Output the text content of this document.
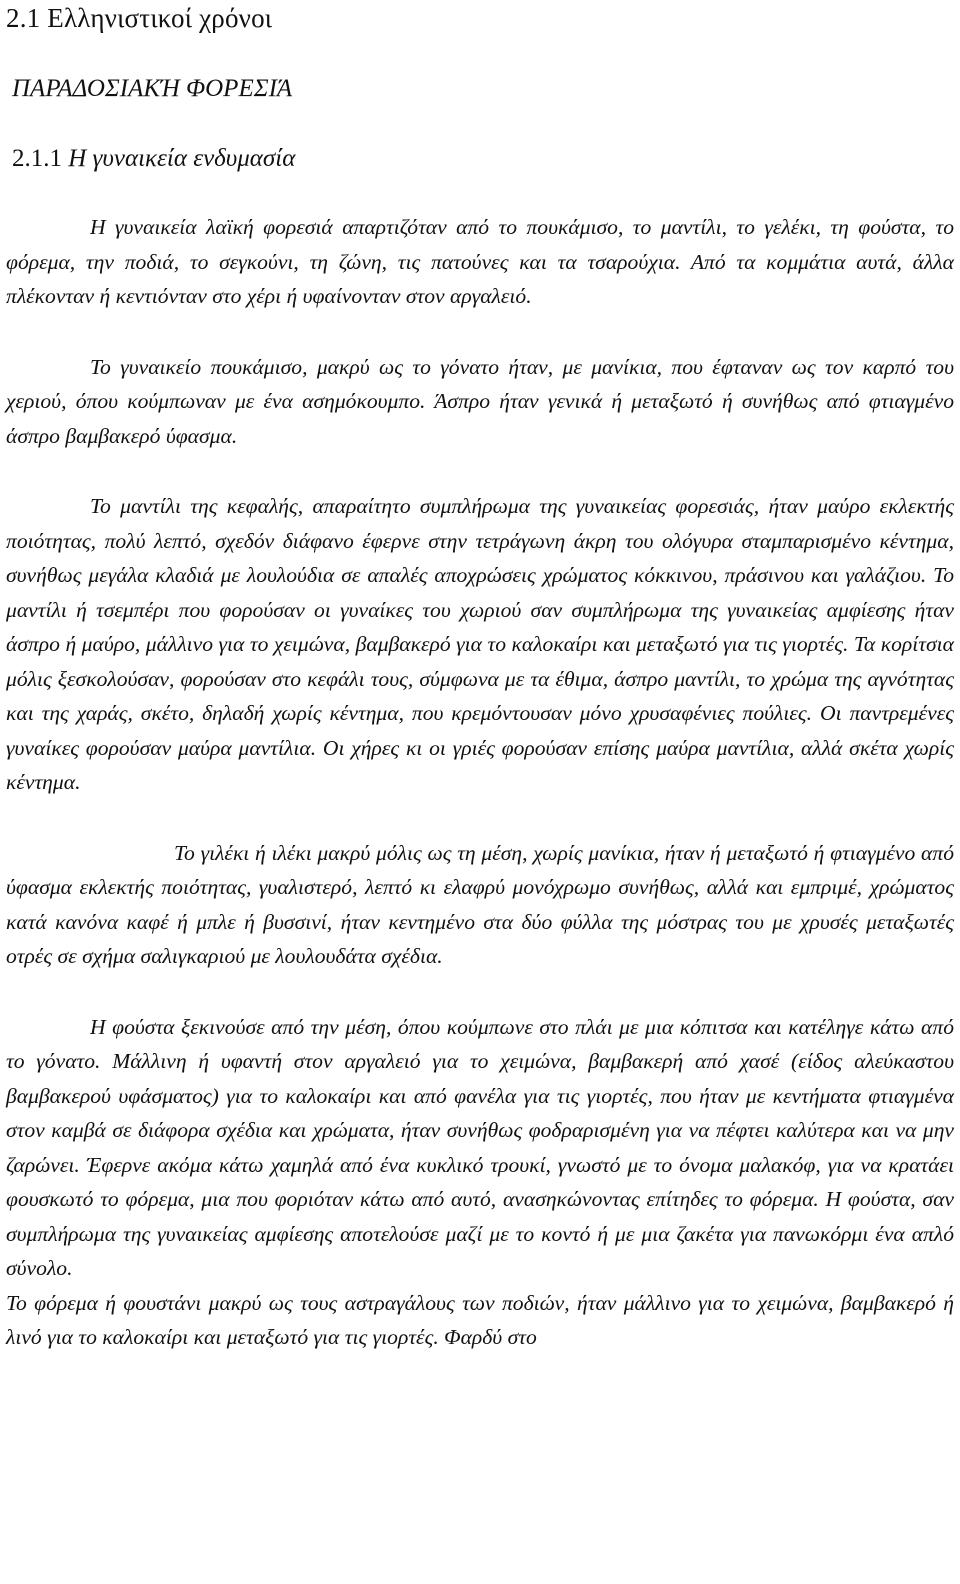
2.1 Ελληνιστικοί χρόνοι

ΠΑΡΑΔΟΣΙΑΚΉ ΦΟΡΕΣΙΆ

2.1.1 Η γυναικεία ενδυμασία

Η γυναικεία λαϊκή φορεσιά απαρτιζόταν από το πουκάμισο, το μαντίλι, το γελέκι, τη φούστα, το φόρεμα, την ποδιά, το σεγκούνι, τη ζώνη, τις πατούνες και τα τσαρούχια. Από τα κομμάτια αυτά, άλλα πλέκονταν ή κεντιόνταν στο χέρι ή υφαίνονταν στον αργαλειό.

Το γυναικείο πουκάμισο, μακρύ ως το γόνατο ήταν, με μανίκια, που έφταναν ως τον καρπό του χεριού, όπου κούμπωναν με ένα ασημόκουμπο. Άσπρο ήταν γενικά ή μεταξωτό ή συνήθως από φτιαγμένο άσπρο βαμβακερό ύφασμα.

Το μαντίλι της κεφαλής, απαραίτητο συμπλήρωμα της γυναικείας φορεσιάς, ήταν μαύρο εκλεκτής ποιότητας, πολύ λεπτό, σχεδόν διάφανο έφερνε στην τετράγωνη άκρη του ολόγυρα σταμπαρισμένο κέντημα, συνήθως μεγάλα κλαδιά με λουλούδια σε απαλές αποχρώσεις χρώματος κόκκινου, πράσινου και γαλάζιου. Το μαντίλι ή τσεμπέρι που φορούσαν οι γυναίκες του χωριού σαν συμπλήρωμα της γυναικείας αμφίεσης ήταν άσπρο ή μαύρο, μάλλινο για το χειμώνα, βαμβακερό για το καλοκαίρι και μεταξωτό για τις γιορτές. Τα κορίτσια μόλις ξεσκολούσαν, φορούσαν στο κεφάλι τους, σύμφωνα με τα έθιμα, άσπρο μαντίλι, το χρώμα της αγνότητας και της χαράς, σκέτο, δηλαδή χωρίς κέντημα, που κρεμόντουσαν μόνο χρυσαφένιες πούλιες. Οι παντρεμένες γυναίκες φορούσαν μαύρα μαντίλια. Οι χήρες κι οι γριές φορούσαν επίσης μαύρα μαντίλια, αλλά σκέτα χωρίς κέντημα.

Το γιλέκι ή ιλέκι μακρύ μόλις ως τη μέση, χωρίς μανίκια, ήταν ή μεταξωτό ή φτιαγμένο από ύφασμα εκλεκτής ποιότητας, γυαλιστερό, λεπτό κι ελαφρύ μονόχρωμο συνήθως, αλλά και εμπριμέ, χρώματος κατά κανόνα καφέ ή μπλε ή βυσσινί, ήταν κεντημένο στα δύο φύλλα της μόστρας του με χρυσές μεταξωτές οτρές σε σχήμα σαλιγκαριού με λουλουδάτα σχέδια.

Η φούστα ξεκινούσε από την μέση, όπου κούμπωνε στο πλάι με μια κόπιτσα και κατέληγε κάτω από το γόνατο. Μάλλινη ή υφαντή στον αργαλειό για το χειμώνα, βαμβακερή από χασέ (είδος αλεύκαστου βαμβακερού υφάσματος) για το καλοκαίρι και από φανέλα για τις γιορτές, που ήταν με κεντήματα φτιαγμένα στον καμβά σε διάφορα σχέδια και χρώματα, ήταν συνήθως φοδραρισμένη για να πέφτει καλύτερα και να μην ζαρώνει. Έφερνε ακόμα κάτω χαμηλά από ένα κυκλικό τρουκί, γνωστό με το όνομα μαλακόφ, για να κρατάει φουσκωτό το φόρεμα, μια που φοριόταν κάτω από αυτό, ανασηκώνοντας επίτηδες το φόρεμα. Η φούστα, σαν συμπλήρωμα της γυναικείας αμφίεσης αποτελούσε μαζί με το κοντό ή με μια ζακέτα για πανωκόρμι ένα απλό σύνολο.

Το φόρεμα ή φουστάνι μακρύ ως τους αστραγάλους των ποδιών, ήταν μάλλινο για το χειμώνα, βαμβακερό ή λινό για το καλοκαίρι και μεταξωτό για τις γιορτές. Φαρδύ στο
